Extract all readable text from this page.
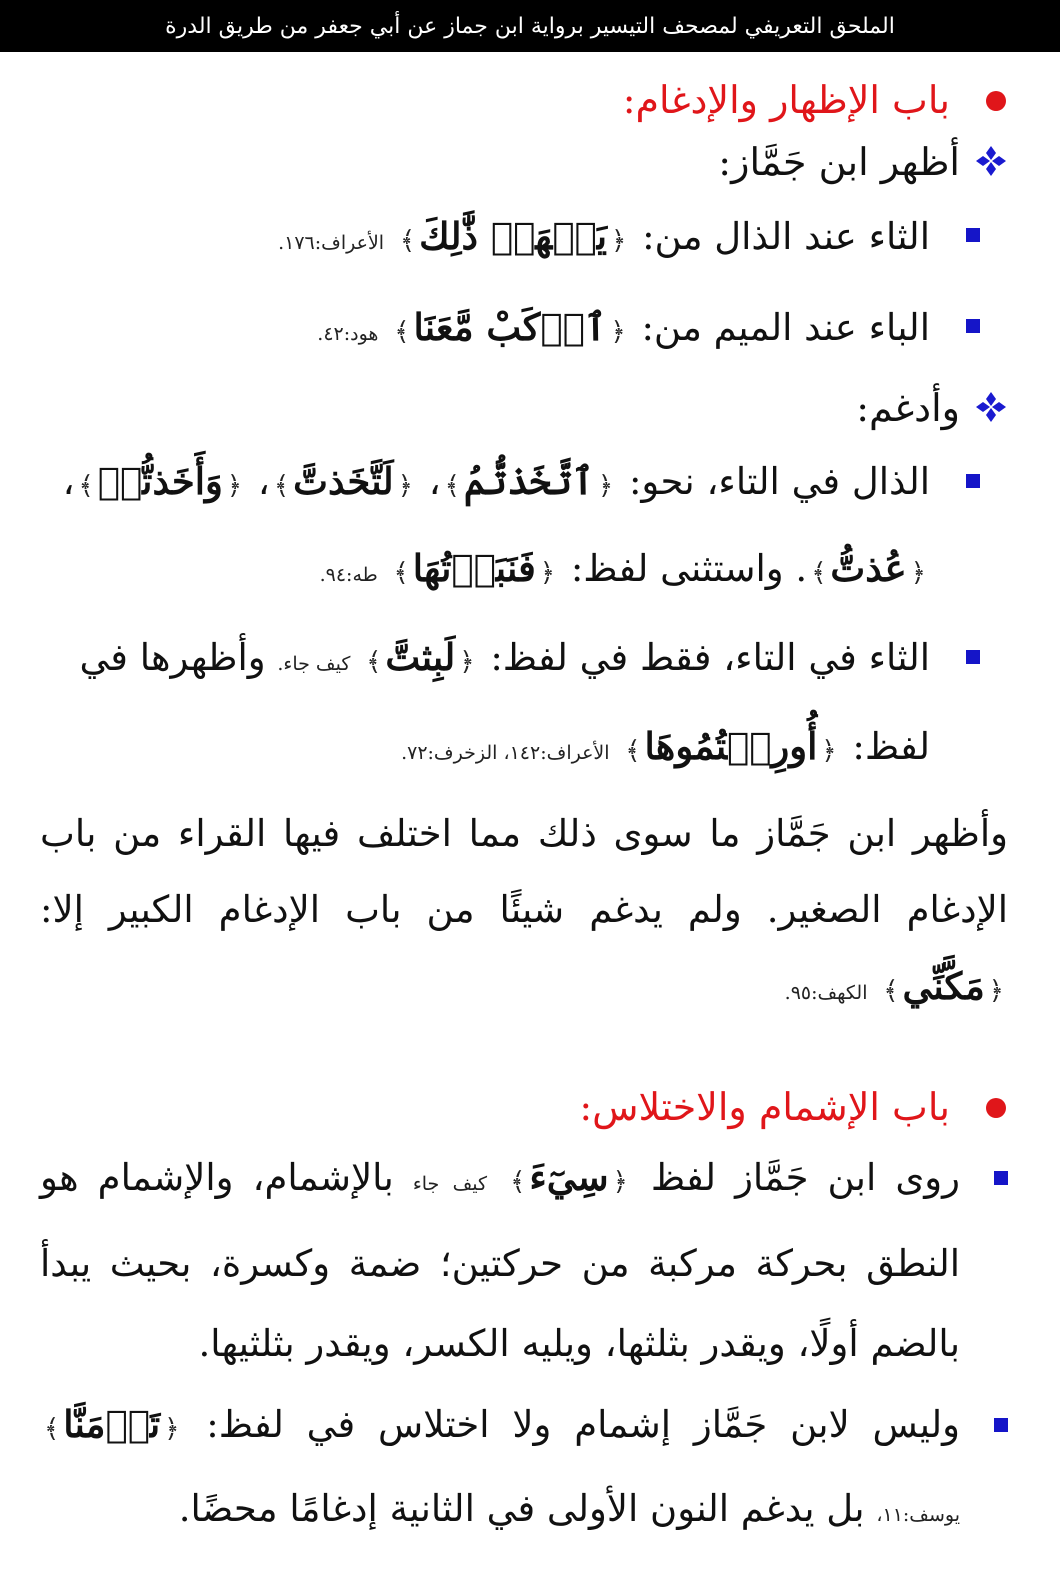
الملحق التعريفي لمصحف التيسير برواية ابن جماز عن أبي جعفر من طريق الدرة
باب الإظهار والإدغام:
أظهر ابن جَمَّاز:
الثاء عند الذال من: ﴿يَلۡهَثۚ ذَّٰلِكَ﴾ الأعراف:١٧٦.
الباء عند الميم من: ﴿ٱرۡكَبْ مَّعَنَا﴾ هود:٤٢.
وأدغم:
الذال في التاء، نحو: ﴿ٱتَّخَذتُّمُ﴾، ﴿لَتَّخَذتَّ﴾، ﴿وَأَخَذتُّمۡ﴾، ﴿عُذتُّ﴾. واستثنى لفظ: ﴿فَنَبَذۡتُهَا﴾ طه:٩٤.
الثاء في التاء، فقط في لفظ: ﴿لَبِثتَّ﴾ كيف جاء. وأظهرها في لفظ: ﴿أُورِثۡتُمُوهَا﴾ الأعراف:١٤٢، الزخرف:٧٢.
وأظهر ابن جَمَّاز ما سوى ذلك مما اختلف فيها القراء من باب الإدغام الصغير. ولم يدغم شيئًا من باب الإدغام الكبير إلا: ﴿مَكَّنِّي﴾ الكهف:٩٥.
باب الإشمام والاختلاس:
روى ابن جَمَّاز لفظ ﴿سِيٓءَ﴾ كيف جاء بالإشمام، والإشمام هو النطق بحركة مركبة من حركتين؛ ضمة وكسرة، بحيث يبدأ بالضم أولًا، ويقدر بثلثها، ويليه الكسر، ويقدر بثلثيها.
وليس لابن جَمَّاز إشمام ولا اختلاس في لفظ: ﴿تَأۡمَنَّا﴾ يوسف:١١، بل يدغم النون الأولى في الثانية إدغامًا محضًا.
